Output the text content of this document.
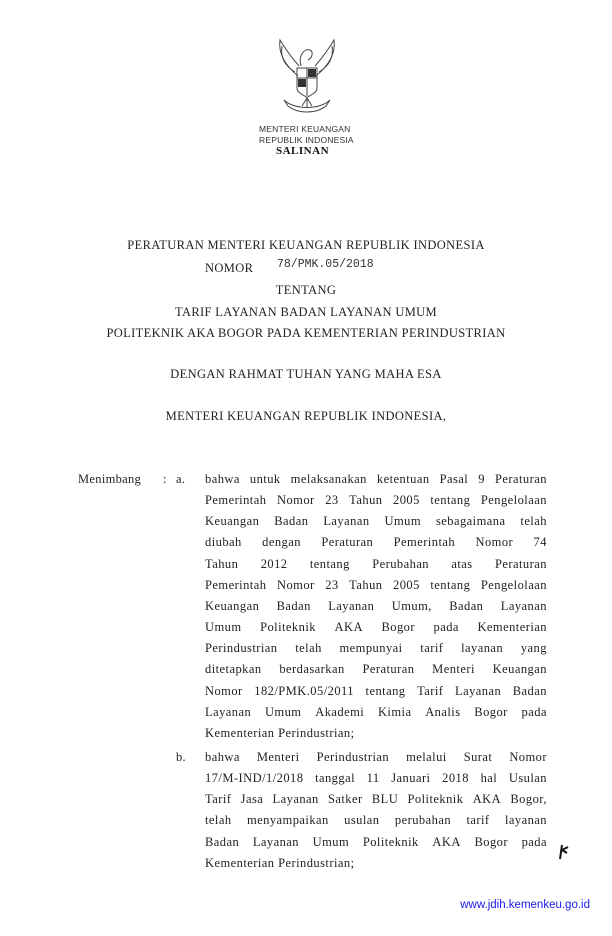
MENTERI KEUANGAN
REPUBLIK INDONESIA
SALINAN
PERATURAN MENTERI KEUANGAN REPUBLIK INDONESIA
NOMOR 78/PMK.05/2018
TENTANG
TARIF LAYANAN BADAN LAYANAN UMUM
POLITEKNIK AKA BOGOR PADA KEMENTERIAN PERINDUSTRIAN
DENGAN RAHMAT TUHAN YANG MAHA ESA
MENTERI KEUANGAN REPUBLIK INDONESIA,
Menimbang : a.
b.
bahwa untuk melaksanakan ketentuan Pasal 9 Peraturan
Pemerintah Nomor 23 Tahun 2005 tentang Pengelolaan
Keuangan Badan Layanan Umum sebagaimana telah
diubah dengan Peraturan Pemerintah Nomor 74
Tahun 2012 tentang Perubahan atas Peraturan
Pemerintah Nomor 23 Tahun 2005 tentang Pengelolaan
Keuangan Badan Layanan Umum, Badan Layanan
Umum Politeknik AKA Bogor pada Kementerian
Perindustrian telah mempunyai tarif layanan yang
ditetapkan berdasarkan Peraturan Menteri Keuangan
Nomor 182/PMK.05/2011 tentang Tarif Layanan Badan
Layanan Umum Akademi Kimia Analis Bogor pada
Kementerian Perindustrian;
bahwa Menteri Perindustrian melalui Surat Nomor
17/M-IND/1/2018 tanggal 11 Januari 2018 hal Usulan
Tarif Jasa Layanan Satker BLU Politeknik AKA Bogor,
telah menyampaikan usulan perubahan tarif layanan
Badan Layanan Umum Politeknik AKA Bogor pada
Kementerian Perindustrian;
www.jdih.kemenkeu.go.id
